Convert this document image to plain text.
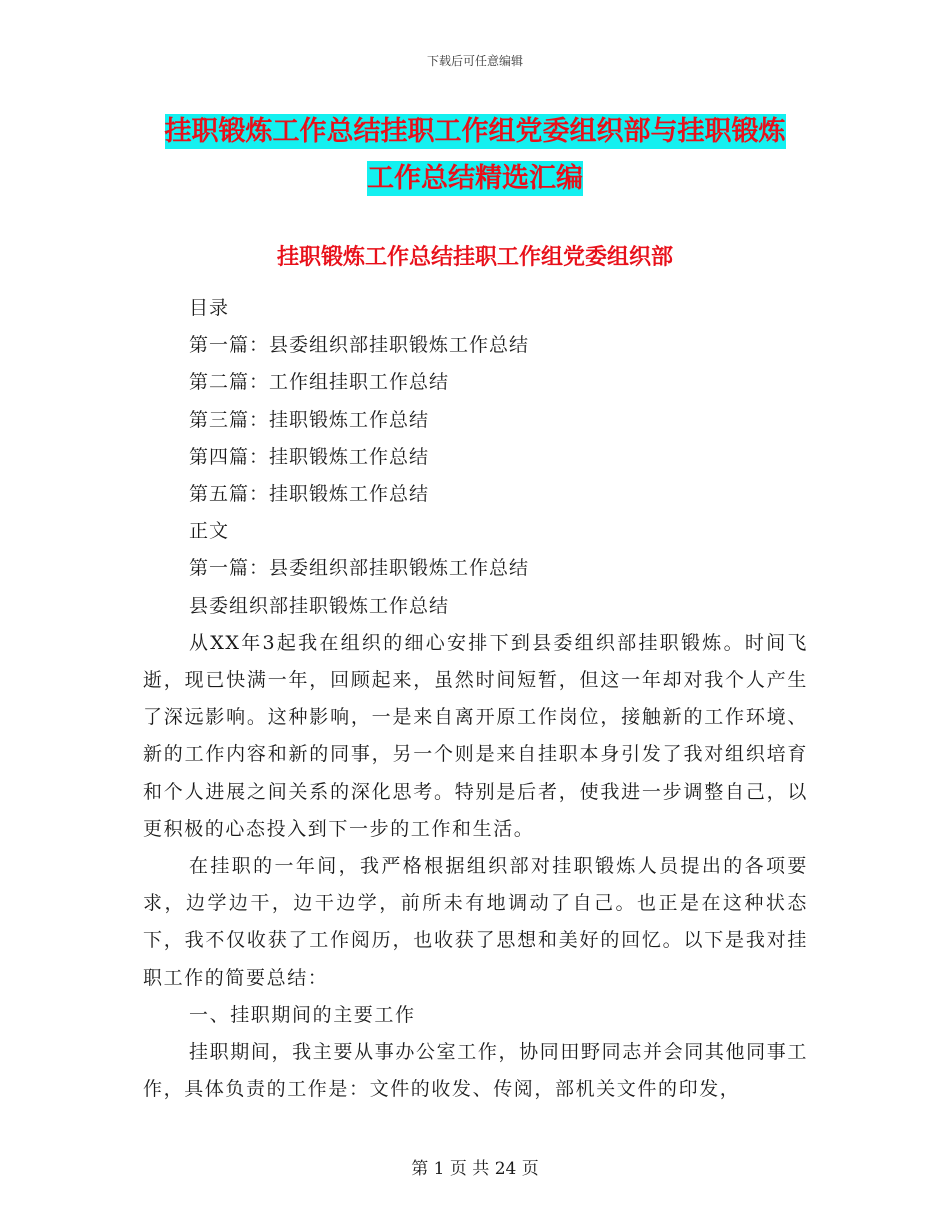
下载后可任意编辑
挂职锻炼工作总结挂职工作组党委组织部与挂职锻炼
工作总结精选汇编
挂职锻炼工作总结挂职工作组党委组织部

目录

第一篇：县委组织部挂职锻炼工作总结

第二篇：工作组挂职工作总结

第三篇：挂职锻炼工作总结

第四篇：挂职锻炼工作总结

第五篇：挂职锻炼工作总结

正文

第一篇：县委组织部挂职锻炼工作总结

县委组织部挂职锻炼工作总结

从XX年3起我在组织的细心安排下到县委组织部挂职锻炼。时间飞逝，现已快满一年，回顾起来，虽然时间短暂，但这一年却对我个人产生了深远影响。这种影响，一是来自离开原工作岗位，接触新的工作环境、新的工作内容和新的同事，另一个则是来自挂职本身引发了我对组织培育和个人进展之间关系的深化思考。特别是后者，使我进一步调整自己，以更积极的心态投入到下一步的工作和生活。

在挂职的一年间，我严格根据组织部对挂职锻炼人员提出的各项要求，边学边干，边干边学，前所未有地调动了自己。也正是在这种状态下，我不仅收获了工作阅历，也收获了思想和美好的回忆。以下是我对挂职工作的简要总结：

一、挂职期间的主要工作

挂职期间，我主要从事办公室工作，协同田野同志并会同其他同事工作，具体负责的工作是：文件的收发、传阅，部机关文件的印发，

第 1 页 共 24 页
